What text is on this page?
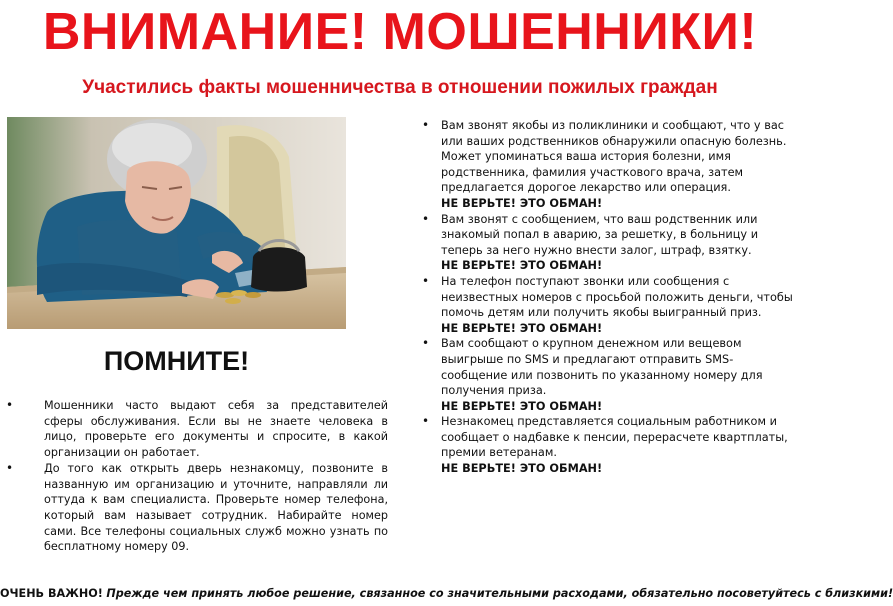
ВНИМАНИЕ! МОШЕННИКИ!
Участились факты мошенничества в отношении пожилых граждан
ПОМНИТЕ!
•	Мошенники часто выдают себя за представителей сферы обслуживания. Если вы не знаете человека в лицо, проверьте его документы и спросите, в какой организации он работает.
•	До того как открыть дверь незнакомцу, позвоните в названную им организацию и уточните, направляли ли оттуда к вам специалиста. Проверьте номер телефона, который вам называет сотрудник. Набирайте номер сами. Все телефоны социальных служб можно узнать по бесплатному номеру 09.
• Вам звонят якобы из поликлиники и сообщают, что у вас или ваших родственников обнаружили опасную болезнь. Может упоминаться ваша история болезни, имя родственника, фамилия участкового врача, затем предлагается дорогое лекарство или операция.
НЕ ВЕРЬТЕ! ЭТО ОБМАН!
• Вам звонят с сообщением, что ваш родственник или знакомый попал в аварию, за решетку, в больницу и теперь за него нужно внести залог, штраф, взятку.
НЕ ВЕРЬТЕ! ЭТО ОБМАН!
• На телефон поступают звонки или сообщения с неизвестных номеров с просьбой положить деньги, чтобы помочь детям или получить якобы выигранный приз.
НЕ ВЕРЬТЕ! ЭТО ОБМАН!
• Вам сообщают о крупном денежном или вещевом выигрыше по SMS и предлагают отправить SMS-сообщение или позвонить по указанному номеру для получения приза.
НЕ ВЕРЬТЕ! ЭТО ОБМАН!
• Незнакомец представляется социальным работником и сообщает о надбавке к пенсии, перерасчете квартплаты, премии ветеранам.
НЕ ВЕРЬТЕ! ЭТО ОБМАН!
ОЧЕНЬ ВАЖНО! Прежде чем принять любое решение, связанное со значительными расходами, обязательно посоветуйтесь с близкими!
